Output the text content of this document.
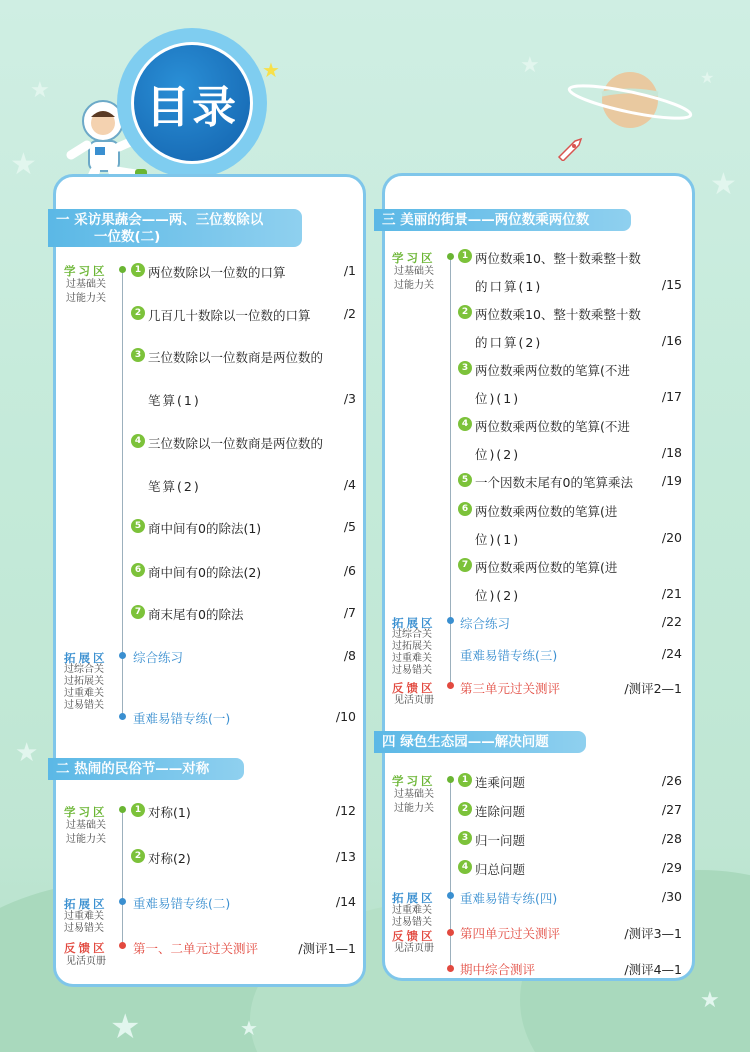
★
★	★
★
★
★
★	★
★
★
目录
一 采访果蔬会——两、三位数除以
一位数(二)
学习区
过基础关
过能力关
拓展区
过综合关
过拓展关
过重难关
过易错关
1 两位数除以一位数的口算	/1
2 几百几十数除以一位数的口算	/2
3 三位数除以一位数商是两位数的
笔算(1)	/3
4 三位数除以一位数商是两位数的
笔算(2)	/4
5 商中间有0的除法(1)	/5
6 商中间有0的除法(2)	/6
7 商末尾有0的除法	/7
综合练习	/8
重难易错专练(一)	/10
二 热闹的民俗节——对称
学习区
过基础关
过能力关
拓展区
过重难关
过易错关
反馈区
见活页册
1 对称(1)	/12
2 对称(2)	/13
重难易错专练(二)	/14
第一、二单元过关测评	/测评1—1
三 美丽的街景——两位数乘两位数
学习区
过基础关
过能力关
拓展区
过综合关
过拓展关
过重难关
过易错关
反馈区
见活页册
1 两位数乘10、整十数乘整十数
的口算(1)	/15
2 两位数乘10、整十数乘整十数
的口算(2)	/16
3 两位数乘两位数的笔算(不进
位)(1)	/17
4 两位数乘两位数的笔算(不进
位)(2)	/18
5 一个因数末尾有0的笔算乘法 /19
6 两位数乘两位数的笔算(进
位)(1)	/20
7 两位数乘两位数的笔算(进
位)(2)	/21
综合练习	/22
重难易错专练(三)	/24
第三单元过关测评	/测评2—1
四 绿色生态园——解决问题
学习区
过基础关
过能力关
拓展区
过重难关
过易错关
反馈区
见活页册
1 连乘问题	/26
2 连除问题	/27
3 归一问题	/28
4 归总问题	/29
重难易错专练(四)	/30
第四单元过关测评	/测评3—1
期中综合测评	/测评4—1
